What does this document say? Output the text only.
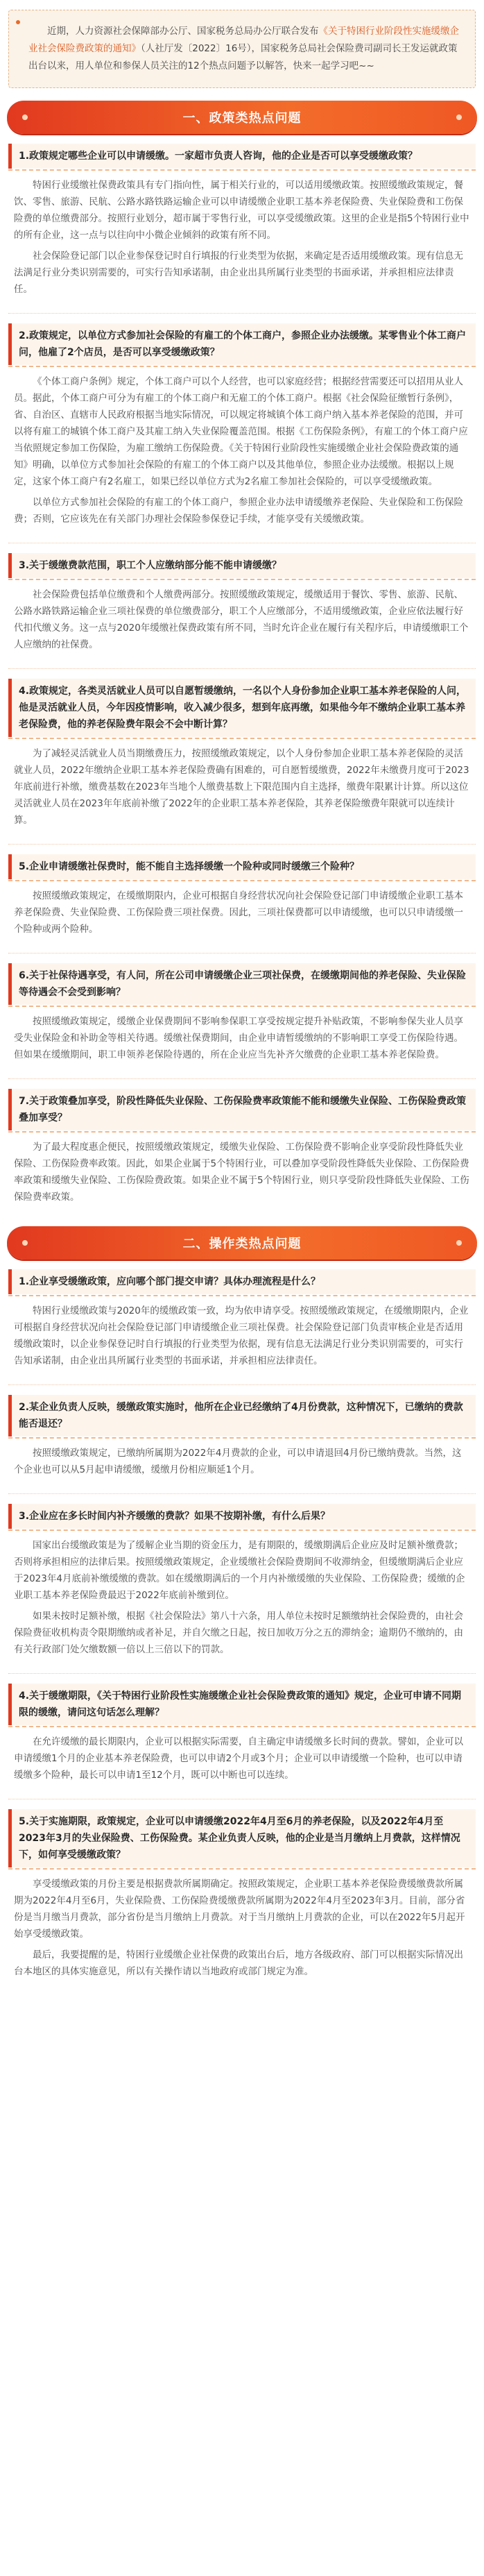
近期，人力资源社会保障部办公厅、国家税务总局办公厅联合发布《关于特困行业阶段性实施缓缴企业社会保险费政策的通知》（人社厅发〔2022〕16号），国家税务总局社会保险费司副司长王发运就政策出台以来，用人单位和参保人员关注的12个热点问题予以解答，快来一起学习吧~~
一、政策类热点问题
1.政策规定哪些企业可以申请缓缴。一家超市负责人咨询，他的企业是否可以享受缓缴政策？

特困行业缓缴社保费政策具有专门指向性，属于相关行业的，可以适用缓缴政策。按照缓缴政策规定，餐饮、零售、旅游、民航、公路水路铁路运输企业可以申请缓缴企业职工基本养老保险费、失业保险费和工伤保险费的单位缴费部分。按照行业划分，超市属于零售行业，可以享受缓缴政策。这里的企业是指5个特困行业中的所有企业，这一点与以往向中小微企业倾斜的政策有所不同。

社会保险登记部门以企业参保登记时自行填报的行业类型为依据，来确定是否适用缓缴政策。现有信息无法满足行业分类识别需要的，可实行告知承诺制，由企业出具所属行业类型的书面承诺，并承担相应法律责任。

2.政策规定，以单位方式参加社会保险的有雇工的个体工商户，参照企业办法缓缴。某零售业个体工商户问，他雇了2个店员，是否可以享受缓缴政策？

《个体工商户条例》规定，个体工商户可以个人经营，也可以家庭经营；根据经营需要还可以招用从业人员。据此，个体工商户可分为有雇工的个体工商户和无雇工的个体工商户。根据《社会保险征缴暂行条例》，省、自治区、直辖市人民政府根据当地实际情况，可以规定将城镇个体工商户纳入基本养老保险的范围，并可以将有雇工的城镇个体工商户及其雇工纳入失业保险覆盖范围。根据《工伤保险条例》，有雇工的个体工商户应当依照规定参加工伤保险，为雇工缴纳工伤保险费。《关于特困行业阶段性实施缓缴企业社会保险费政策的通知》明确，以单位方式参加社会保险的有雇工的个体工商户以及其他单位，参照企业办法缓缴。根据以上规定，这家个体工商户有2名雇工，如果已经以单位方式为2名雇工参加社会保险的，可以享受缓缴政策。

以单位方式参加社会保险的有雇工的个体工商户，参照企业办法申请缓缴养老保险、失业保险和工伤保险费；否则，它应该先在有关部门办理社会保险参保登记手续，才能享受有关缓缴政策。

3.关于缓缴费款范围，职工个人应缴纳部分能不能申请缓缴？

社会保险费包括单位缴费和个人缴费两部分。按照缓缴政策规定，缓缴适用于餐饮、零售、旅游、民航、公路水路铁路运输企业三项社保费的单位缴费部分，职工个人应缴部分，不适用缓缴政策，企业应依法履行好代扣代缴义务。这一点与2020年缓缴社保费政策有所不同，当时允许企业在履行有关程序后，申请缓缴职工个人应缴纳的社保费。

4.政策规定，各类灵活就业人员可以自愿暂缓缴纳，一名以个人身份参加企业职工基本养老保险的人问，他是灵活就业人员，今年因疫情影响，收入减少很多，想到年底再缴，如果他今年不缴纳企业职工基本养老保险费，他的养老保险费年限会不会中断计算？

为了减轻灵活就业人员当期缴费压力，按照缓缴政策规定，以个人身份参加企业职工基本养老保险的灵活就业人员，2022年缴纳企业职工基本养老保险费确有困难的，可自愿暂缓缴费，2022年未缴费月度可于2023年底前进行补缴，缴费基数在2023年当地个人缴费基数上下限范围内自主选择，缴费年限累计计算。所以这位灵活就业人员在2023年年底前补缴了2022年的企业职工基本养老保险，其养老保险缴费年限就可以连续计算。

5.企业申请缓缴社保费时，能不能自主选择缓缴一个险种或同时缓缴三个险种？

按照缓缴政策规定，在缓缴期限内，企业可根据自身经营状况向社会保险登记部门申请缓缴企业职工基本养老保险费、失业保险费、工伤保险费三项社保费。因此，三项社保费都可以申请缓缴，也可以只申请缓缴一个险种或两个险种。

6.关于社保待遇享受，有人问，所在公司申请缓缴企业三项社保费，在缓缴期间他的养老保险、失业保险等待遇会不会受到影响？

按照缓缴政策规定，缓缴企业保费期间不影响参保职工享受按规定提升补贴政策，不影响参保失业人员享受失业保险金和补助金等相关待遇。缓缴社保费期间，由企业申请暂缓缴纳的不影响职工享受工伤保险待遇。但如果在缓缴期间，职工申领养老保险待遇的，所在企业应当先补齐欠缴费的企业职工基本养老保险费。

7.关于政策叠加享受，阶段性降低失业保险、工伤保险费率政策能不能和缓缴失业保险、工伤保险费政策叠加享受？

为了最大程度惠企便民，按照缓缴政策规定，缓缴失业保险、工伤保险费不影响企业享受阶段性降低失业保险、工伤保险费率政策。因此，如果企业属于5个特困行业，可以叠加享受阶段性降低失业保险、工伤保险费率政策和缓缴失业保险、工伤保险费政策。如果企业不属于5个特困行业，则只享受阶段性降低失业保险、工伤保险费率政策。

二、操作类热点问题
1.企业享受缓缴政策，应向哪个部门提交申请？具体办理流程是什么？

特困行业缓缴政策与2020年的缓缴政策一致，均为依申请享受。按照缓缴政策规定，在缓缴期限内，企业可根据自身经营状况向社会保险登记部门申请缓缴企业三项社保费。社会保险登记部门负责审核企业是否适用缓缴政策时，以企业参保登记时自行填报的行业类型为依据，现有信息无法满足行业分类识别需要的，可实行告知承诺制，由企业出具所属行业类型的书面承诺，并承担相应法律责任。

2.某企业负责人反映，缓缴政策实施时，他所在企业已经缴纳了4月份费款，这种情况下，已缴纳的费款能否退还？

按照缓缴政策规定，已缴纳所属期为2022年4月费款的企业，可以申请退回4月份已缴纳费款。当然，这个企业也可以从5月起申请缓缴，缓缴月份相应顺延1个月。

3.企业应在多长时间内补齐缓缴的费款？如果不按期补缴，有什么后果？

国家出台缓缴政策是为了缓解企业当期的资金压力，是有期限的，缓缴期满后企业应及时足额补缴费款；否则将承担相应的法律后果。按照缓缴政策规定，企业缓缴社会保险费期间不收滞纳金，但缓缴期满后企业应于2023年4月底前补缴缓缴的费款。如在缓缴期满后的一个月内补缴缓缴的失业保险、工伤保险费；缓缴的企业职工基本养老保险费最迟于2022年底前补缴到位。

如果未按时足额补缴，根据《社会保险法》第八十六条，用人单位未按时足额缴纳社会保险费的，由社会保险费征收机构责令限期缴纳或者补足，并自欠缴之日起，按日加收万分之五的滞纳金；逾期仍不缴纳的，由有关行政部门处欠缴数额一倍以上三倍以下的罚款。

4.关于缓缴期限，《关于特困行业阶段性实施缓缴企业社会保险费政策的通知》规定，企业可申请不同期限的缓缴，请问这句话怎么理解？

在允许缓缴的最长期限内，企业可以根据实际需要，自主确定申请缓缴多长时间的费款。譬如，企业可以申请缓缴1个月的企业基本养老保险费，也可以申请2个月或3个月；企业可以申请缓缴一个险种，也可以申请缓缴多个险种，最长可以申请1至12个月，既可以中断也可以连续。

5.关于实施期限，政策规定，企业可以申请缓缴2022年4月至6月的养老保险，以及2022年4月至2023年3月的失业保险费、工伤保险费。某企业负责人反映，他的企业是当月缴纳上月费款，这样情况下，如何享受缓缴政策？

享受缓缴政策的月份主要是根据费款所属期确定。按照政策规定，企业职工基本养老保险费缓缴费款所属期为2022年4月至6月，失业保险费、工伤保险费缓缴费款所属期为2022年4月至2023年3月。目前，部分省份是当月缴当月费款，部分省份是当月缴纳上月费款。对于当月缴纳上月费款的企业，可以在2022年5月起开始享受缓缴政策。

最后，我要提醒的是，特困行业缓缴企业社保费的政策出台后，地方各级政府、部门可以根据实际情况出台本地区的具体实施意见，所以有关操作请以当地政府或部门规定为准。
